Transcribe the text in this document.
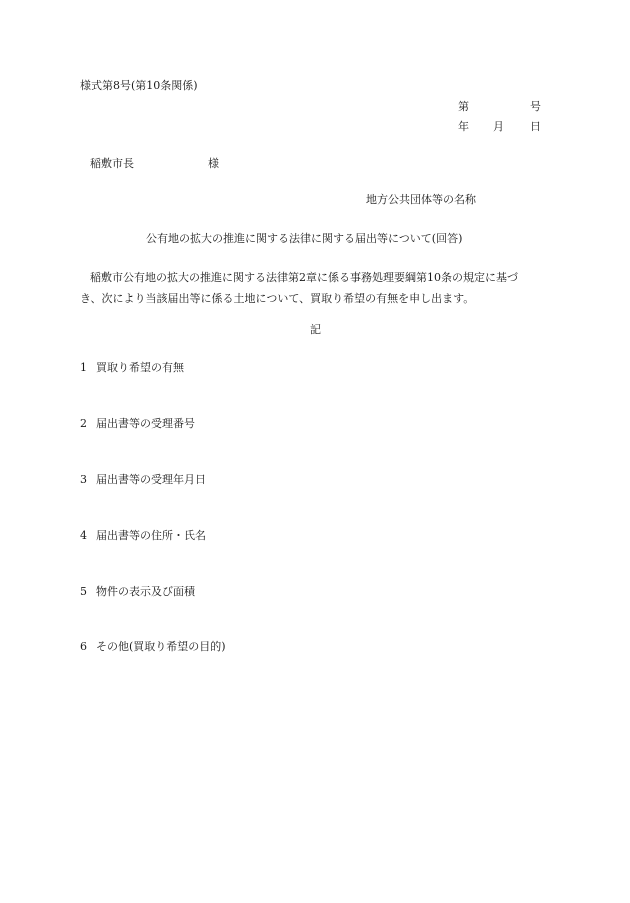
様式第8号(第10条関係)
第	号
年 月 日
稲敷市長	様
地方公共団体等の名称
公有地の拡大の推進に関する法律に関する届出等について(回答)
稲敷市公有地の拡大の推進に関する法律第2章に係る事務処理要綱第10条の規定に基づ
き、次により当該届出等に係る土地について、買取り希望の有無を申し出ます。
記
1 買取り希望の有無
2 届出書等の受理番号
3 届出書等の受理年月日
4 届出書等の住所・氏名
5 物件の表示及び面積
6 その他(買取り希望の目的)
